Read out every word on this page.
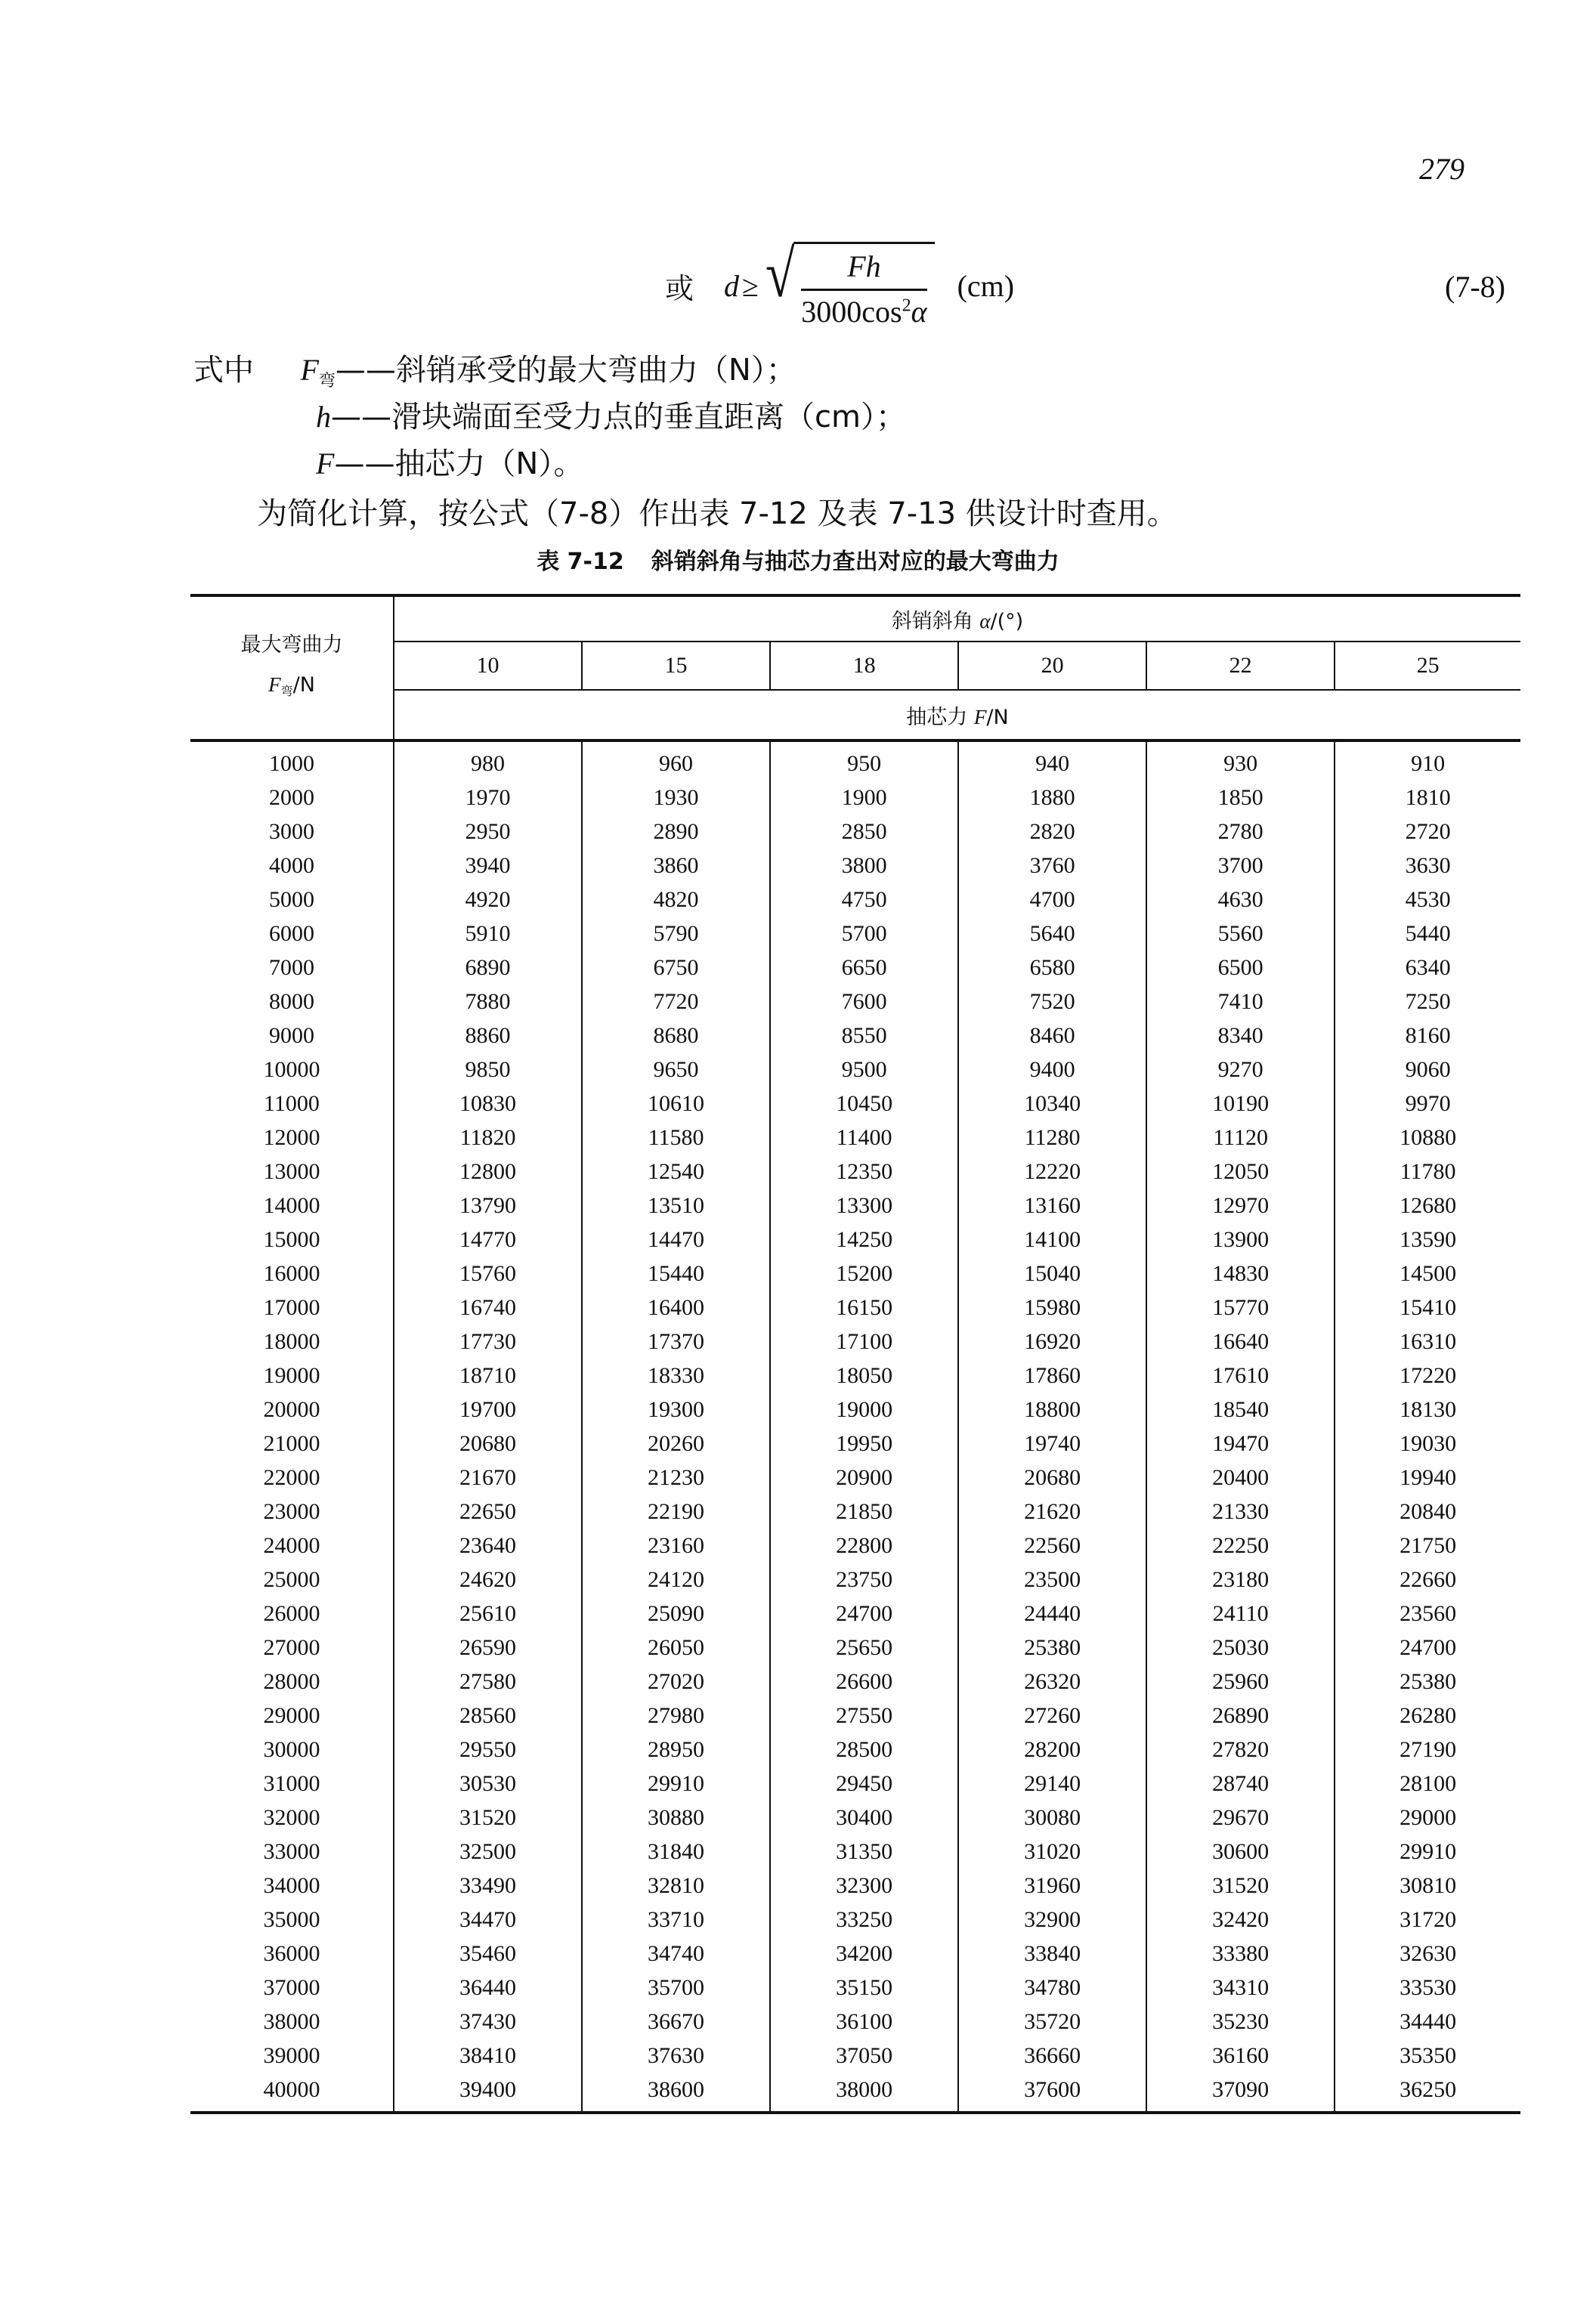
279
或 d ≥ √
$\frac{Fh}{3000\cos^2\alpha} (cm)$	(7-8)
式中 $F_弯——$斜销承受的最大弯曲力（N）；
h——滑块端面至受力点的垂直距离（cm）；
F——抽芯力（N）。
为简化计算，按公式（7-8）作出表 7-12 及表 7-13 供设计时查用。
表 7-12 斜销斜角与抽芯力查出对应的最大弯曲力
最大弯曲力
$F_弯/N$	斜销斜角 α/(°)					
	10	15	18	20	22	25
	抽芯力 F/N					
1000	980	960	950	940	930	910
2000	1970	1930	1900	1880	1850	1810
3000	2950	2890	2850	2820	2780	2720
4000	3940	3860	3800	3760	3700	3630
5000	4920	4820	4750	4700	4630	4530
6000	5910	5790	5700	5640	5560	5440
7000	6890	6750	6650	6580	6500	6340
8000	7880	7720	7600	7520	7410	7250
9000	8860	8680	8550	8460	8340	8160
10000	9850	9650	9500	9400	9270	9060
11000	10830	10610	10450	10340	10190	9970
12000	11820	11580	11400	11280	11120	10880
13000	12800	12540	12350	12220	12050	11780
14000	13790	13510	13300	13160	12970	12680
15000	14770	14470	14250	14100	13900	13590
16000	15760	15440	15200	15040	14830	14500
17000	16740	16400	16150	15980	15770	15410
18000	17730	17370	17100	16920	16640	16310
19000	18710	18330	18050	17860	17610	17220
20000	19700	19300	19000	18800	18540	18130
21000	20680	20260	19950	19740	19470	19030
22000	21670	21230	20900	20680	20400	19940
23000	22650	22190	21850	21620	21330	20840
24000	23640	23160	22800	22560	22250	21750
25000	24620	24120	23750	23500	23180	22660
26000	25610	25090	24700	24440	24110	23560
27000	26590	26050	25650	25380	25030	24700
28000	27580	27020	26600	26320	25960	25380
29000	28560	27980	27550	27260	26890	26280
30000	29550	28950	28500	28200	27820	27190
31000	30530	29910	29450	29140	28740	28100
32000	31520	30880	30400	30080	29670	29000
33000	32500	31840	31350	31020	30600	29910
34000	33490	32810	32300	31960	31520	30810
35000	34470	33710	33250	32900	32420	31720
36000	35460	34740	34200	33840	33380	32630
37000	36440	35700	35150	34780	34310	33530
38000	37430	36670	36100	35720	35230	34440
39000	38410	37630	37050	36660	36160	35350
40000	39400	38600	38000	37600	37090	36250
